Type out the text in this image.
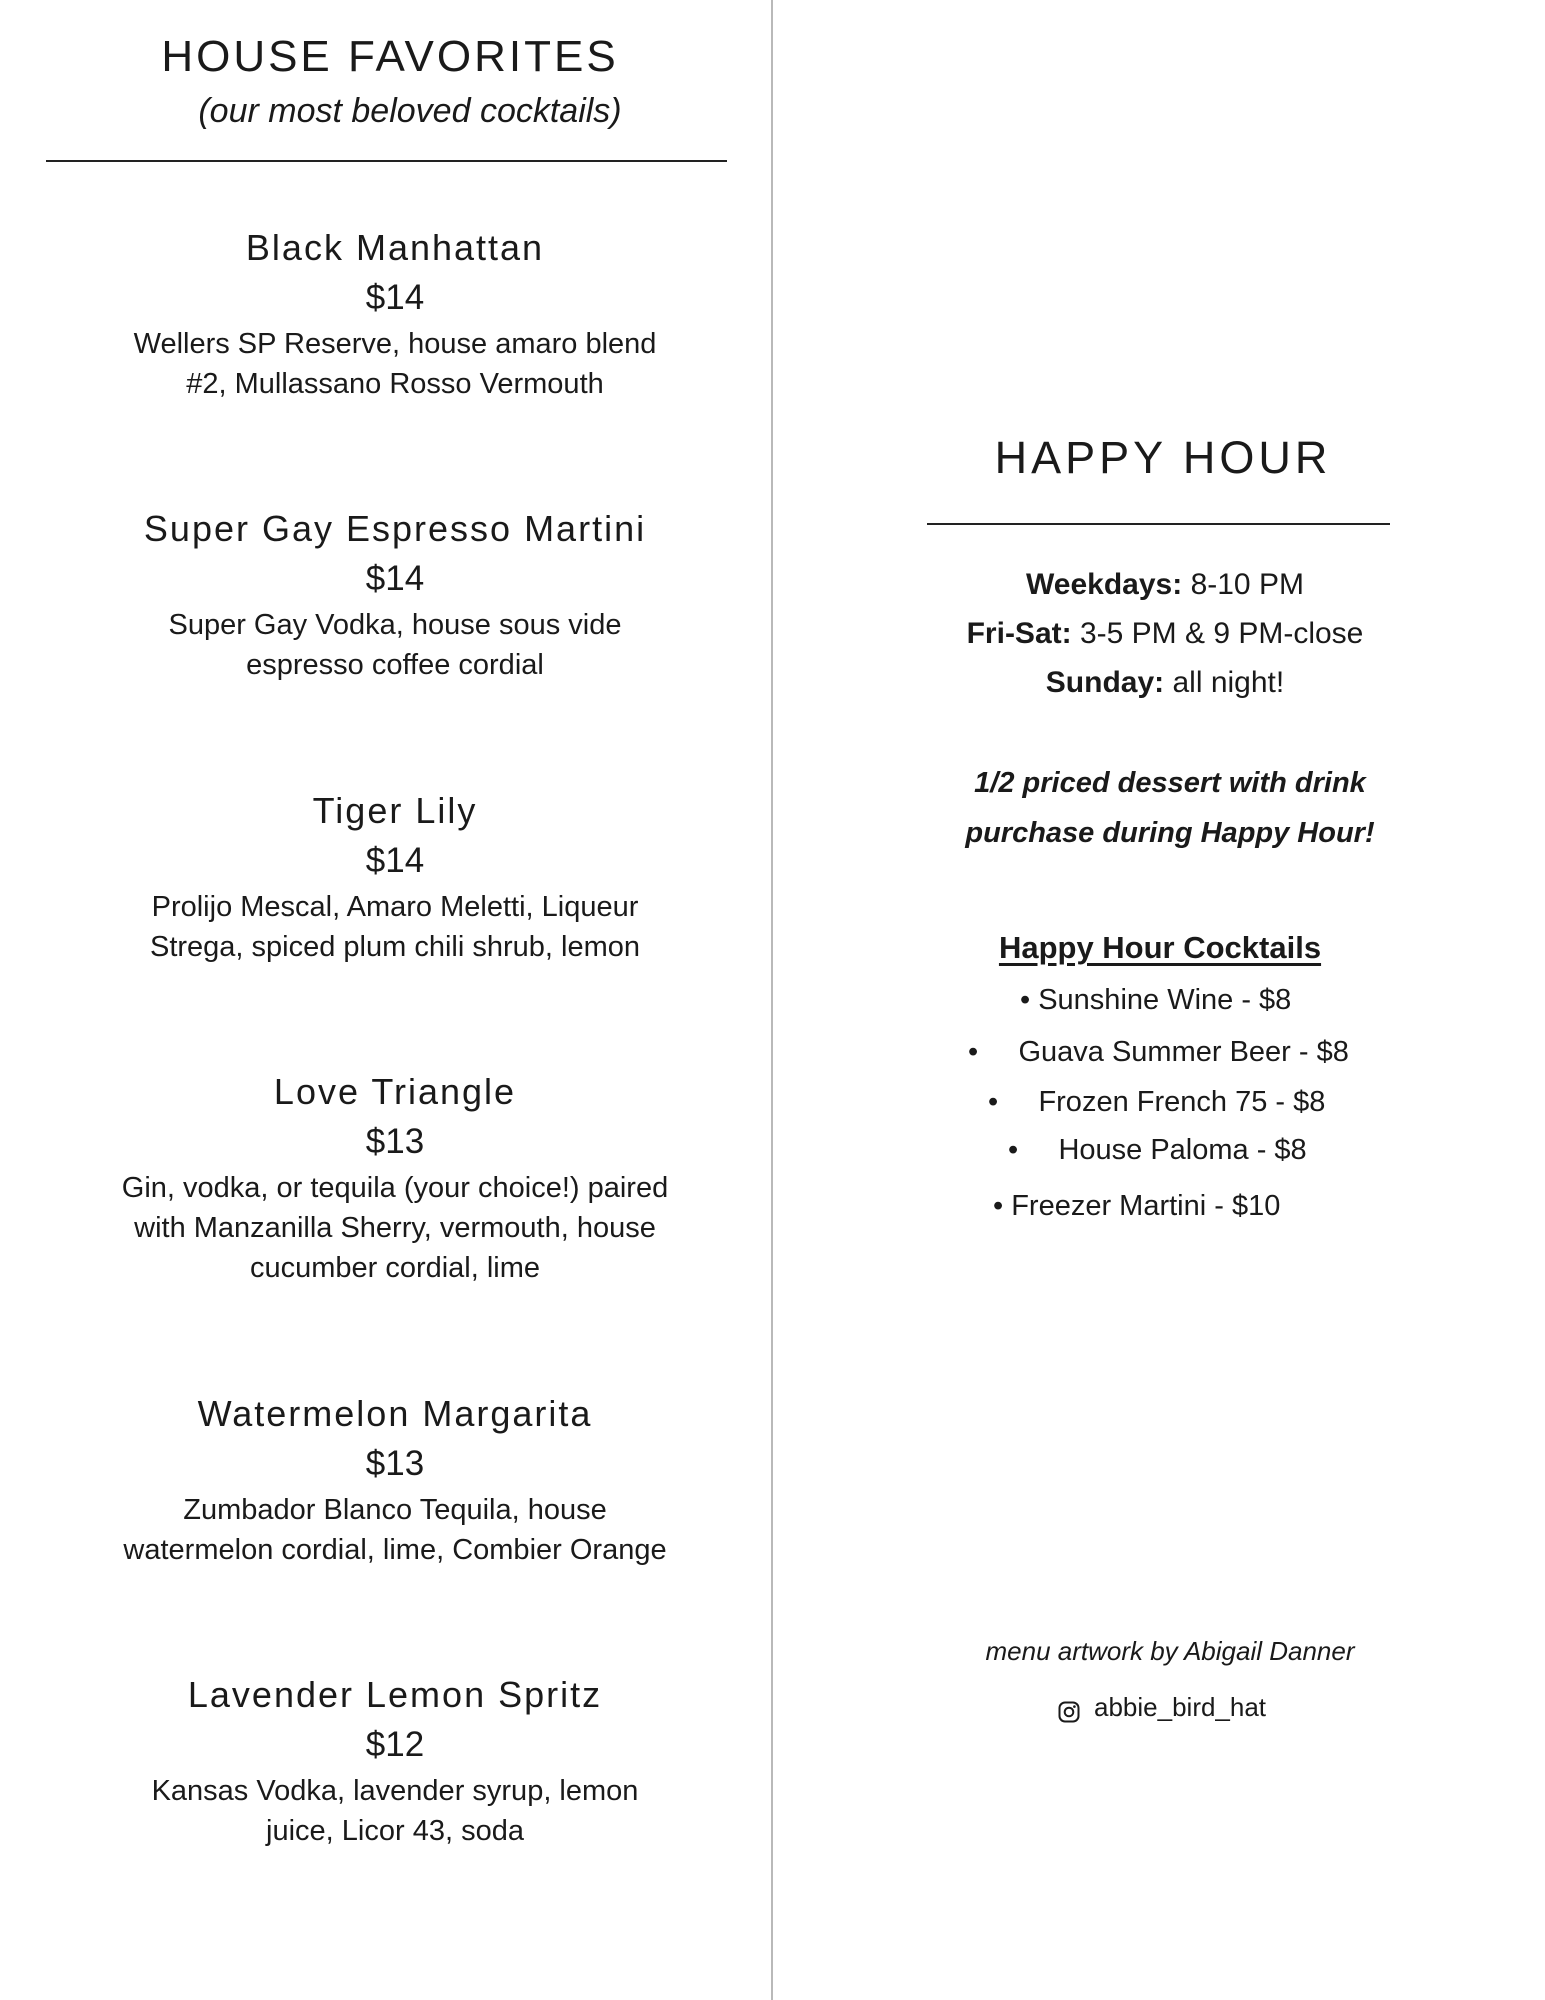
HOUSE FAVORITES
(our most beloved cocktails)
Black Manhattan
$14
Wellers SP Reserve, house amaro blend
#2, Mullassano Rosso Vermouth
Super Gay Espresso Martini
$14
Super Gay Vodka, house sous vide
espresso coffee cordial
Tiger Lily
$14
Prolijo Mescal, Amaro Meletti, Liqueur
Strega, spiced plum chili shrub, lemon
Love Triangle
$13
Gin, vodka, or tequila (your choice!) paired
with Manzanilla Sherry, vermouth, house
cucumber cordial, lime
Watermelon Margarita
$13
Zumbador Blanco Tequila, house
watermelon cordial, lime, Combier Orange
Lavender Lemon Spritz
$12
Kansas Vodka, lavender syrup, lemon
juice, Licor 43, soda
HAPPY HOUR
Weekdays: 8-10 PM
Fri-Sat: 3-5 PM & 9 PM-close
Sunday: all night!
1/2 priced dessert with drink
purchase during Happy Hour!
Happy Hour Cocktails
• Sunshine Wine - $8
•     Guava Summer Beer - $8
•     Frozen French 75 - $8
•     House Paloma - $8
• Freezer Martini - $10
menu artwork by Abigail Danner
abbie_bird_hat
